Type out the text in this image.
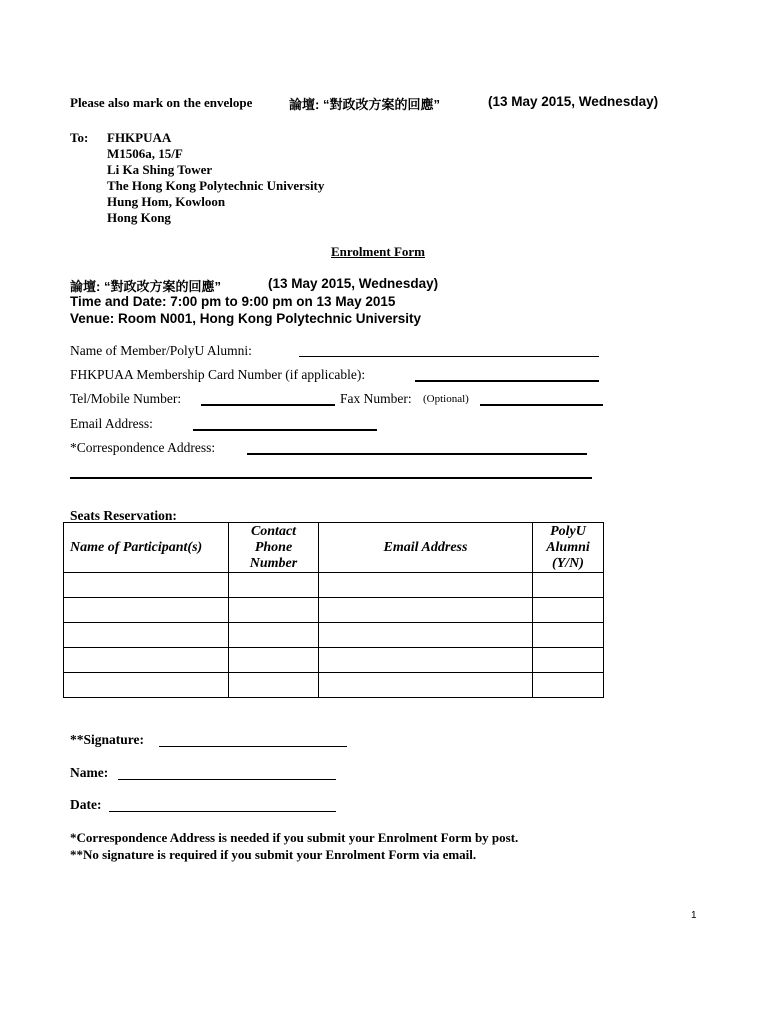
Please also mark on the envelope	論壇: “對政改方案的回應”	(13 May 2015, Wednesday)
To: FHKPUAA
M1506a, 15/F
Li Ka Shing Tower
The Hong Kong Polytechnic University
Hung Hom, Kowloon
Hong Kong
Enrolment Form
論壇: “對政改方案的回應”	(13 May 2015, Wednesday)
Time and Date: 7:00 pm to 9:00 pm on 13 May 2015
Venue: Room N001, Hong Kong Polytechnic University
Name of Member/PolyU Alumni:
FHKPUAA Membership Card Number (if applicable):
Tel/Mobile Number:	Fax Number: (Optional)
Email Address:
*Correspondence Address:
Seats Reservation:
Name of Participant(s)	Contact Phone Number	Email Address	PolyU Alumni (Y/N)

**Signature:
Name:
Date:
*Correspondence Address is needed if you submit your Enrolment Form by post.
**No signature is required if you submit your Enrolment Form via email.
1
